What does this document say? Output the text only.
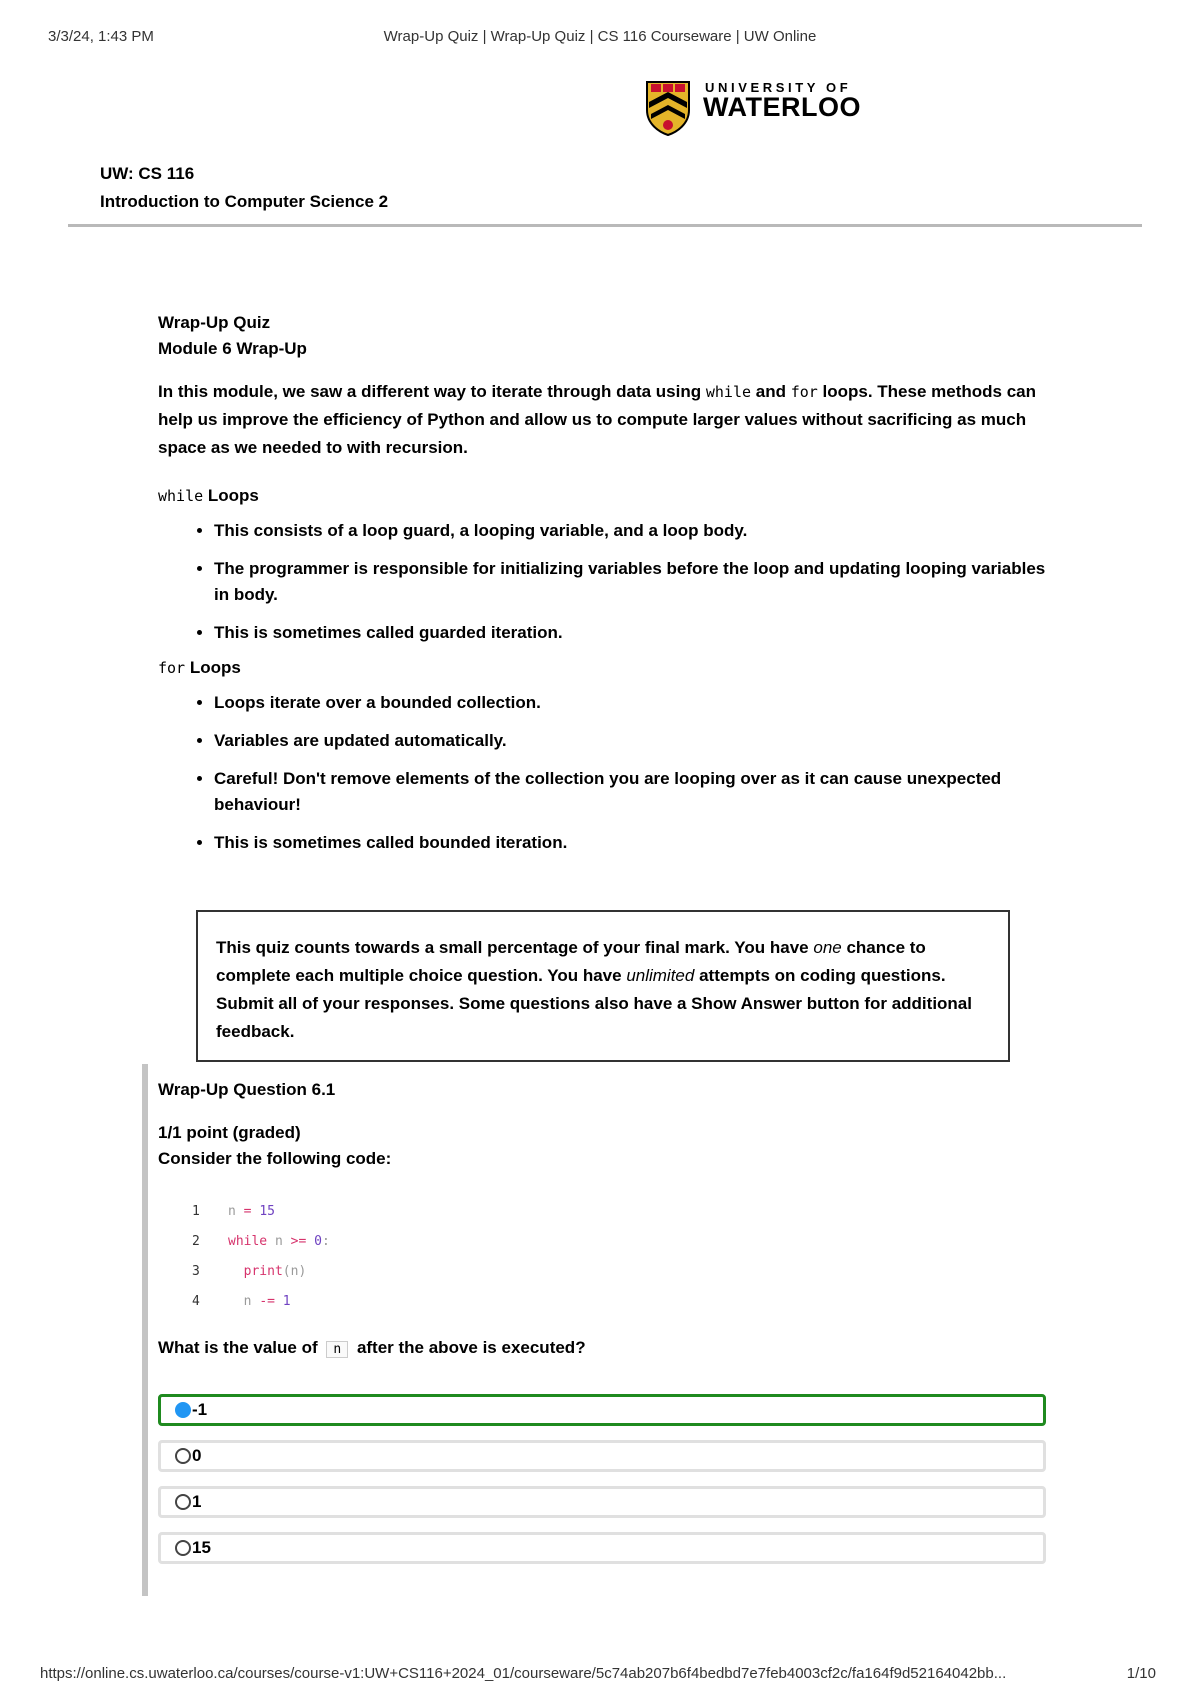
3/3/24, 1:43 PM	Wrap-Up Quiz | Wrap-Up Quiz | CS 116 Courseware | UW Online
UNIVERSITY OF
WATERLOO
UW: CS 116
Introduction to Computer Science 2
Wrap-Up Quiz
Module 6 Wrap-Up
In this module, we saw a different way to iterate through data using while and for loops. These methods can help us improve the efficiency of Python and allow us to compute larger values without sacrificing as much space as we needed to with recursion.
while Loops
• This consists of a loop guard, a looping variable, and a loop body.
• The programmer is responsible for initializing variables before the loop and updating looping variables in body.
• This is sometimes called guarded iteration.
for Loops
• Loops iterate over a bounded collection.
• Variables are updated automatically.
• Careful! Don't remove elements of the collection you are looping over as it can cause unexpected behaviour!
• This is sometimes called bounded iteration.
This quiz counts towards a small percentage of your final mark. You have one chance to complete each multiple choice question. You have unlimited attempts on coding questions. Submit all of your responses. Some questions also have a Show Answer button for additional feedback.
Wrap-Up Question 6.1
1/1 point (graded)
Consider the following code:
1	n = 15
2	while n >= 0:
3	print(n)
4	n -= 1
What is the value of n after the above is executed?
-1
0
1
15
https://online.cs.uwaterloo.ca/courses/course-v1:UW+CS116+2024_01/courseware/5c74ab207b6f4bedbd7e7feb4003cf2c/fa164f9d52164042bb...	1/10
